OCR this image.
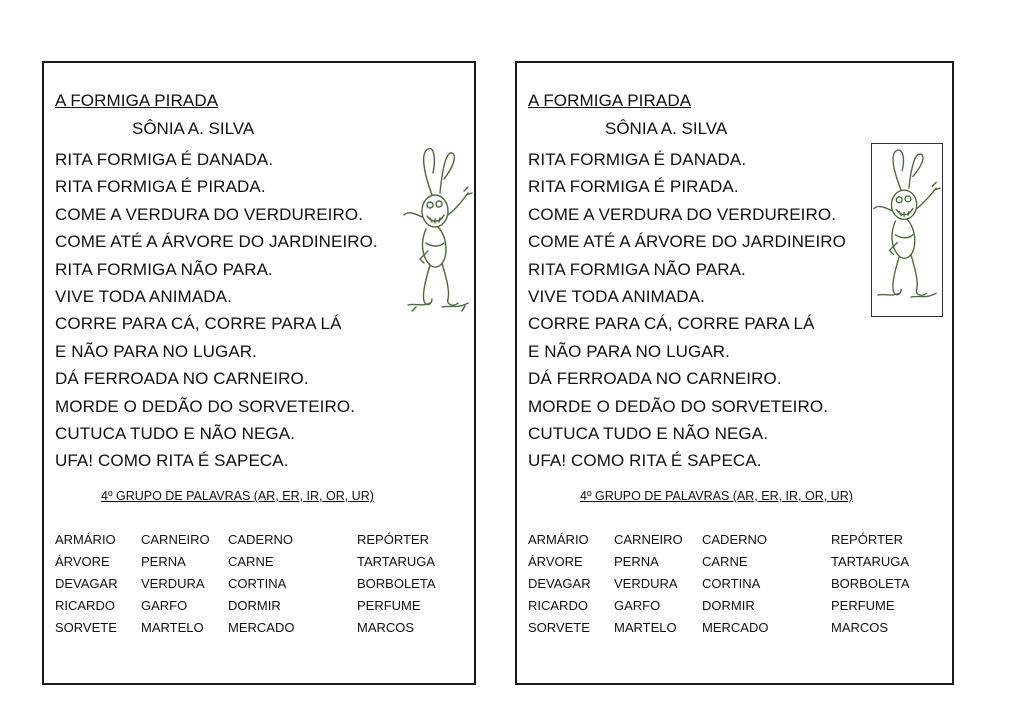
A FORMIGA PIRADA
SÔNIA A. SILVA
RITA FORMIGA É DANADA.
RITA FORMIGA É PIRADA.
COME A VERDURA DO VERDUREIRO.
COME ATÉ A ÁRVORE DO JARDINEIRO.
RITA FORMIGA NÃO PARA.
VIVE TODA ANIMADA.
CORRE PARA CÁ, CORRE PARA LÁ
E NÃO PARA NO LUGAR.
DÁ FERROADA NO CARNEIRO.
MORDE O DEDÃO DO SORVETEIRO.
CUTUCA TUDO E NÃO NEGA.
UFA! COMO RITA É SAPECA.
4º GRUPO DE PALAVRAS (AR, ER, IR, OR, UR)
ARMÁRIO
ÁRVORE
DEVAGAR
RICARDO
SORVETE
CARNEIRO
PERNA
VERDURA
GARFO
MARTELO
CADERNO
CARNE
CORTINA
DORMIR
MERCADO
REPÓRTER
TARTARUGA
BORBOLETA
PERFUME
MARCOS
A FORMIGA PIRADA
SÔNIA A. SILVA
RITA FORMIGA É DANADA.
RITA FORMIGA É PIRADA.
COME A VERDURA DO VERDUREIRO.
COME ATÉ A ÁRVORE DO JARDINEIRO
RITA FORMIGA NÃO PARA.
VIVE TODA ANIMADA.
CORRE PARA CÁ, CORRE PARA LÁ
E NÃO PARA NO LUGAR.
DÁ FERROADA NO CARNEIRO.
MORDE O DEDÃO DO SORVETEIRO.
CUTUCA TUDO E NÃO NEGA.
UFA! COMO RITA É SAPECA.
4º GRUPO DE PALAVRAS (AR, ER, IR, OR, UR)
ARMÁRIO
ÁRVORE
DEVAGAR
RICARDO
SORVETE
CARNEIRO
PERNA
VERDURA
GARFO
MARTELO
CADERNO
CARNE
CORTINA
DORMIR
MERCADO
REPÓRTER
TARTARUGA
BORBOLETA
PERFUME
MARCOS
